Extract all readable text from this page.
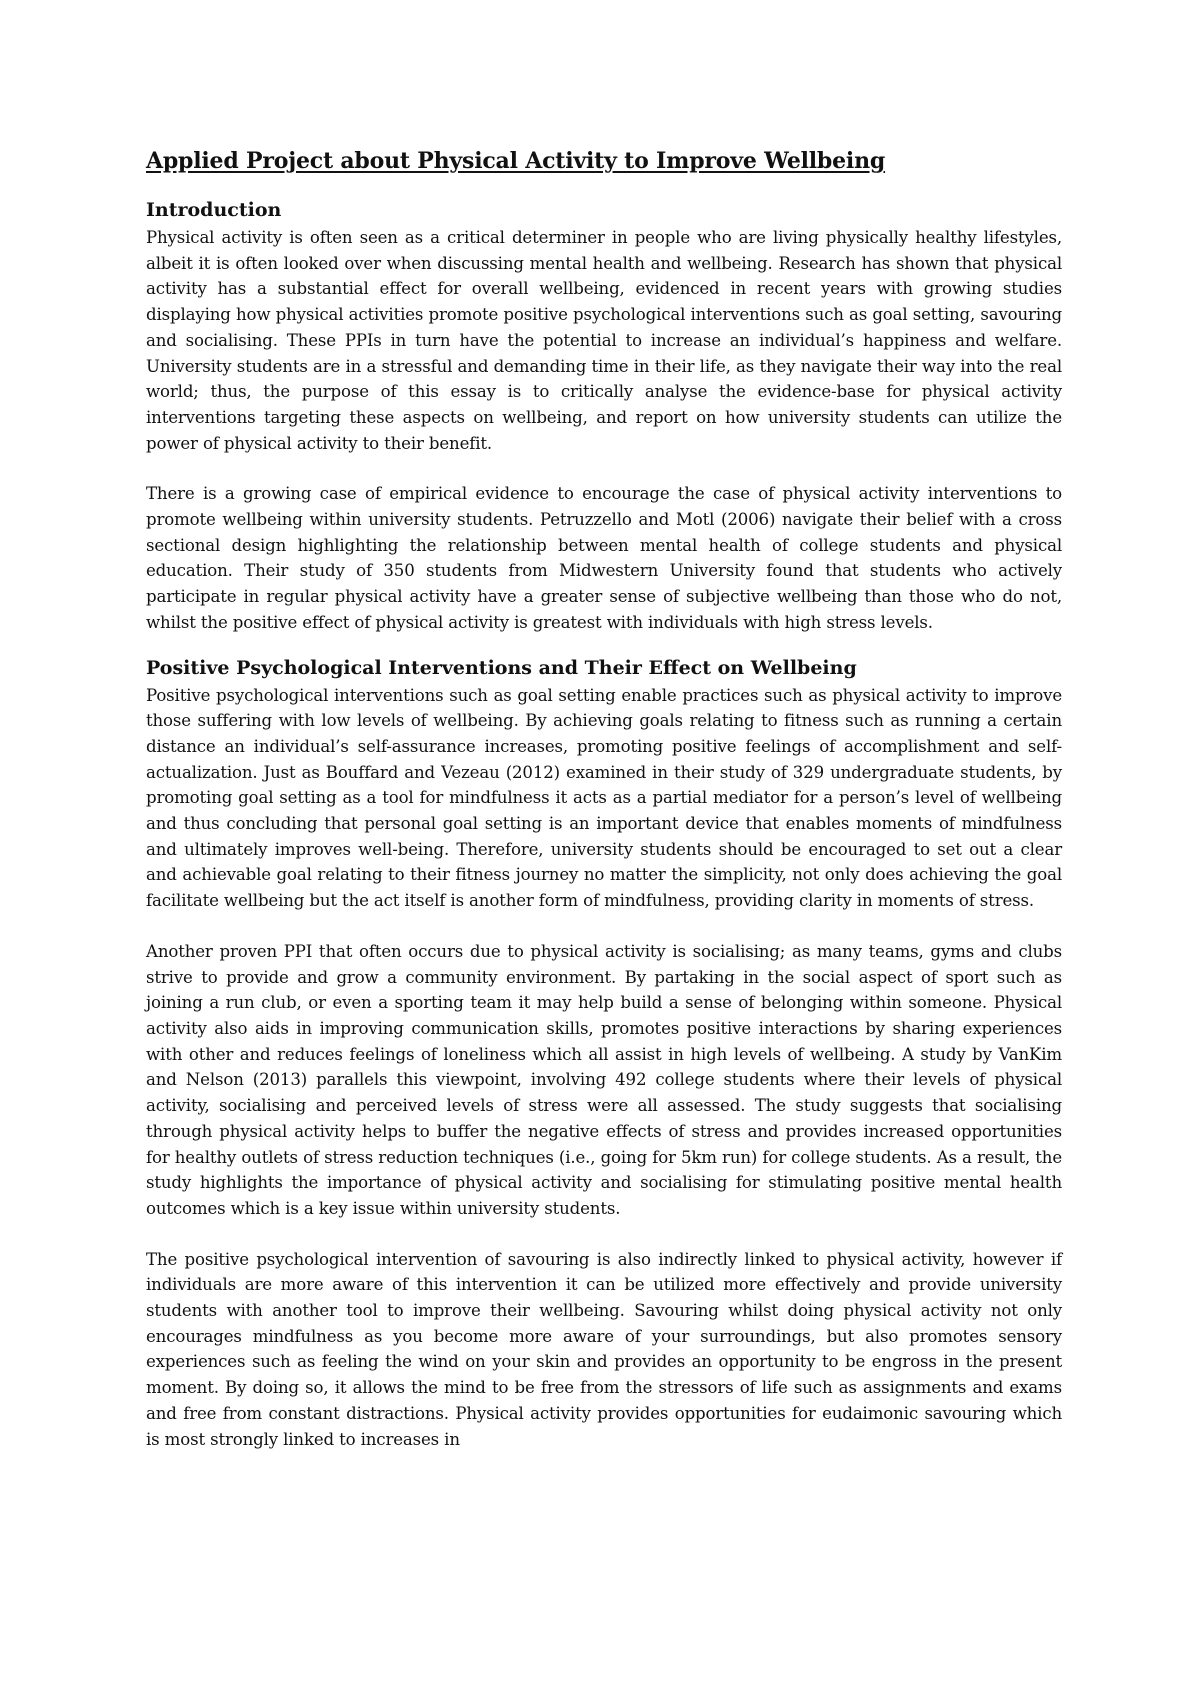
Applied Project about Physical Activity to Improve Wellbeing
Introduction

Physical activity is often seen as a critical determiner in people who are living physically healthy lifestyles, albeit it is often looked over when discussing mental health and wellbeing. Research has shown that physical activity has a substantial effect for overall wellbeing, evidenced in recent years with growing studies displaying how physical activities promote positive psychological interventions such as goal setting, savouring and socialising. These PPIs in turn have the potential to increase an individual’s happiness and welfare. University students are in a stressful and demanding time in their life, as they navigate their way into the real world; thus, the purpose of this essay is to critically analyse the evidence-base for physical activity interventions targeting these aspects on wellbeing, and report on how university students can utilize the power of physical activity to their benefit.

There is a growing case of empirical evidence to encourage the case of physical activity interventions to promote wellbeing within university students. Petruzzello and Motl (2006) navigate their belief with a cross sectional design highlighting the relationship between mental health of college students and physical education. Their study of 350 students from Midwestern University found that students who actively participate in regular physical activity have a greater sense of subjective wellbeing than those who do not, whilst the positive effect of physical activity is greatest with individuals with high stress levels.

Positive Psychological Interventions and Their Effect on Wellbeing

Positive psychological interventions such as goal setting enable practices such as physical activity to improve those suffering with low levels of wellbeing. By achieving goals relating to fitness such as running a certain distance an individual’s self-assurance increases, promoting positive feelings of accomplishment and self-actualization. Just as Bouffard and Vezeau (2012) examined in their study of 329 undergraduate students, by promoting goal setting as a tool for mindfulness it acts as a partial mediator for a person’s level of wellbeing and thus concluding that personal goal setting is an important device that enables moments of mindfulness and ultimately improves well-being. Therefore, university students should be encouraged to set out a clear and achievable goal relating to their fitness journey no matter the simplicity, not only does achieving the goal facilitate wellbeing but the act itself is another form of mindfulness, providing clarity in moments of stress.

Another proven PPI that often occurs due to physical activity is socialising; as many teams, gyms and clubs strive to provide and grow a community environment. By partaking in the social aspect of sport such as joining a run club, or even a sporting team it may help build a sense of belonging within someone. Physical activity also aids in improving communication skills, promotes positive interactions by sharing experiences with other and reduces feelings of loneliness which all assist in high levels of wellbeing. A study by VanKim and Nelson (2013) parallels this viewpoint, involving 492 college students where their levels of physical activity, socialising and perceived levels of stress were all assessed. The study suggests that socialising through physical activity helps to buffer the negative effects of stress and provides increased opportunities for healthy outlets of stress reduction techniques (i.e., going for 5km run) for college students. As a result, the study highlights the importance of physical activity and socialising for stimulating positive mental health outcomes which is a key issue within university students.

The positive psychological intervention of savouring is also indirectly linked to physical activity, however if individuals are more aware of this intervention it can be utilized more effectively and provide university students with another tool to improve their wellbeing. Savouring whilst doing physical activity not only encourages mindfulness as you become more aware of your surroundings, but also promotes sensory experiences such as feeling the wind on your skin and provides an opportunity to be engross in the present moment. By doing so, it allows the mind to be free from the stressors of life such as assignments and exams and free from constant distractions. Physical activity provides opportunities for eudaimonic savouring which is most strongly linked to increases in
